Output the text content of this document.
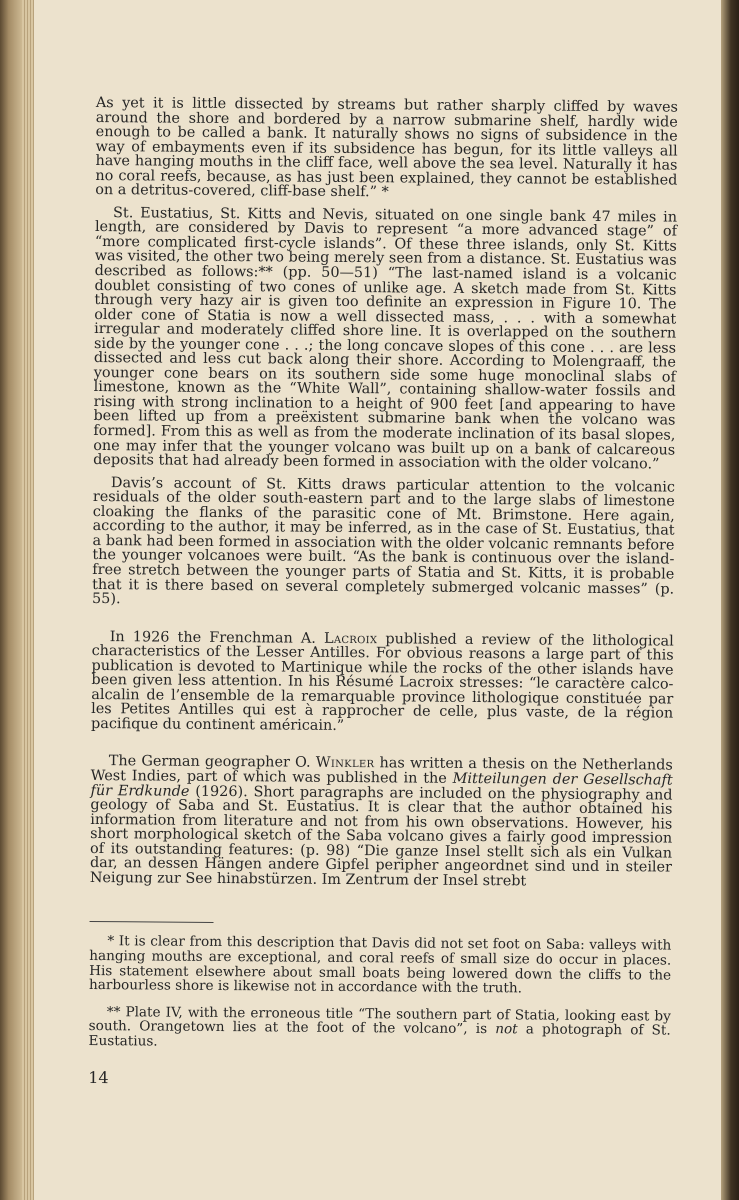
As yet it is little dissected by streams but rather sharply cliffed by waves around the shore and bordered by a narrow submarine shelf, hardly wide enough to be called a bank. It naturally shows no signs of subsidence in the way of embayments even if its subsidence has begun, for its little valleys all have hanging mouths in the cliff face, well above the sea level. Naturally it has no coral reefs, because, as has just been explained, they cannot be established on a detritus-covered, cliff-base shelf.” *

St. Eustatius, St. Kitts and Nevis, situated on one single bank 47 miles in length, are considered by Davis to represent “a more advanced stage” of “more complicated first-cycle islands”. Of these three islands, only St. Kitts was visited, the other two being merely seen from a distance. St. Eustatius was described as follows:** (pp. 50—51) “The last-named island is a volcanic doublet consisting of two cones of unlike age. A sketch made from St. Kitts through very hazy air is given too definite an expression in Figure 10. The older cone of Statia is now a well dissected mass, . . . with a somewhat irregular and moderately cliffed shore line. It is overlapped on the southern side by the younger cone . . .; the long concave slopes of this cone . . . are less dissected and less cut back along their shore. According to Molengraaff, the younger cone bears on its southern side some huge monoclinal slabs of limestone, known as the “White Wall”, containing shallow-water fossils and rising with strong inclination to a height of 900 feet [and appearing to have been lifted up from a preëxistent submarine bank when the volcano was formed]. From this as well as from the moderate inclination of its basal slopes, one may infer that the younger volcano was built up on a bank of calcareous deposits that had already been formed in association with the older volcano.”

Davis’s account of St. Kitts draws particular attention to the volcanic residuals of the older south-eastern part and to the large slabs of limestone cloaking the flanks of the parasitic cone of Mt. Brimstone. Here again, according to the author, it may be inferred, as in the case of St. Eustatius, that a bank had been formed in association with the older volcanic remnants before the younger volcanoes were built. “As the bank is continuous over the island-free stretch between the younger parts of Statia and St. Kitts, it is probable that it is there based on several completely submerged volcanic masses” (p. 55).

In 1926 the Frenchman A. Lacroix published a review of the lithological characteristics of the Lesser Antilles. For obvious reasons a large part of this publication is devoted to Martinique while the rocks of the other islands have been given less attention. In his Résumé Lacroix stresses: “le caractère calco-alcalin de l’ensemble de la remarquable province lithologique constituée par les Petites Antilles qui est à rapprocher de celle, plus vaste, de la région pacifique du continent américain.”

The German geographer O. Winkler has written a thesis on the Netherlands West Indies, part of which was published in the Mitteilungen der Gesellschaft für Erdkunde (1926). Short paragraphs are included on the physiography and geology of Saba and St. Eustatius. It is clear that the author obtained his information from literature and not from his own observations. However, his short morphological sketch of the Saba volcano gives a fairly good impression of its outstanding features: (p. 98) “Die ganze Insel stellt sich als ein Vulkan dar, an dessen Hängen andere Gipfel peripher angeordnet sind und in steiler Neigung zur See hinabstürzen. Im Zentrum der Insel strebt

* It is clear from this description that Davis did not set foot on Saba: valleys with hanging mouths are exceptional, and coral reefs of small size do occur in places. His statement elsewhere about small boats being lowered down the cliffs to the harbourless shore is likewise not in accordance with the truth.

** Plate IV, with the erroneous title “The southern part of Statia, looking east by south. Orangetown lies at the foot of the volcano”, is not a photograph of St. Eustatius.

14
